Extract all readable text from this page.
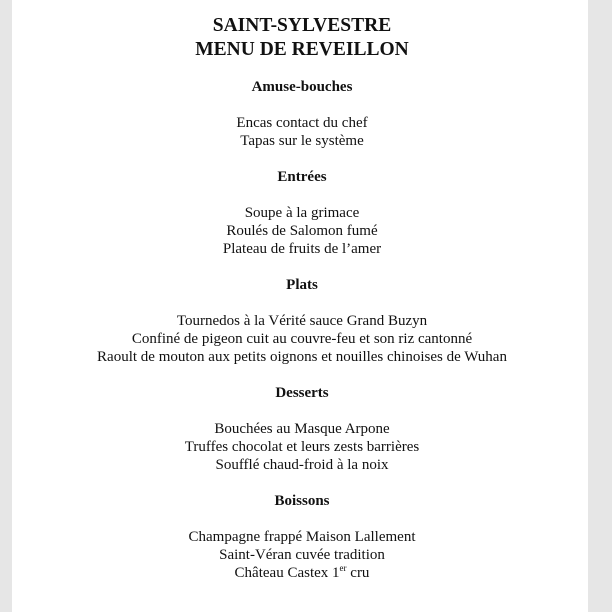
SAINT-SYLVESTRE

MENU DE REVEILLON

Amuse-bouches

Encas contact du chef

Tapas sur le système

Entrées

Soupe à la grimace

Roulés de Salomon fumé

Plateau de fruits de l’amer

Plats

Tournedos à la Vérité sauce Grand Buzyn

Confiné de pigeon cuit au couvre-feu et son riz cantonné

Raoult de mouton aux petits oignons et nouilles chinoises de Wuhan

Desserts

Bouchées au Masque Arpone

Truffes chocolat et leurs zests barrières

Soufflé chaud-froid à la noix

Boissons

Champagne frappé Maison Lallement

Saint-Véran cuvée tradition

Château Castex 1er cru
